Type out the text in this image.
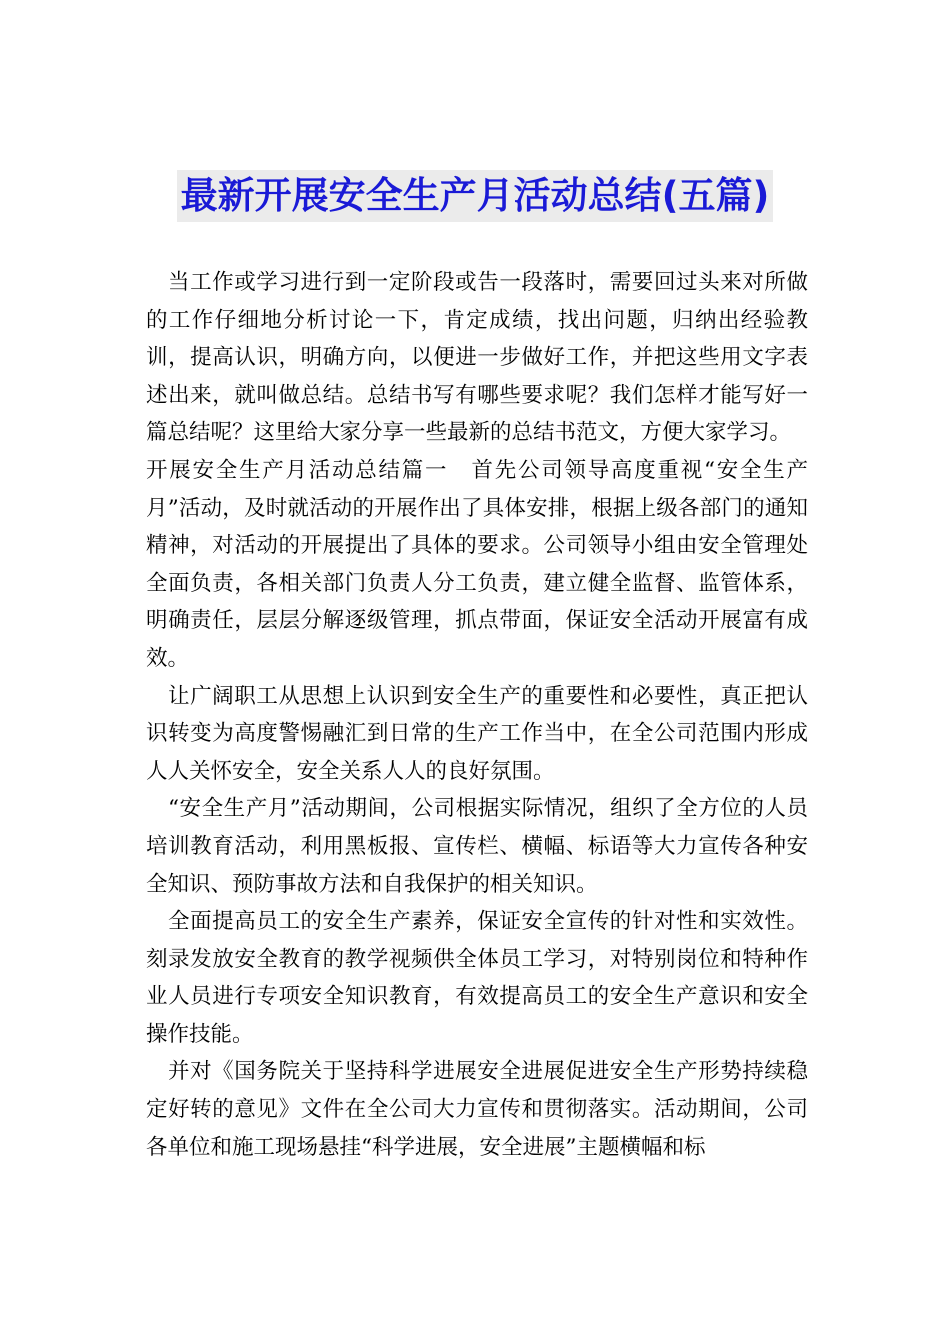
最新开展安全生产月活动总结(五篇)

当工作或学习进行到一定阶段或告一段落时，需要回过头来对所做的工作仔细地分析讨论一下，肯定成绩，找出问题，归纳出经验教训，提高认识，明确方向，以便进一步做好工作，并把这些用文字表述出来，就叫做总结。总结书写有哪些要求呢？我们怎样才能写好一篇总结呢？这里给大家分享一些最新的总结书范文，方便大家学习。

开展安全生产月活动总结篇一　首先公司领导高度重视“安全生产月”活动，及时就活动的开展作出了具体安排，根据上级各部门的通知精神，对活动的开展提出了具体的要求。公司领导小组由安全管理处全面负责，各相关部门负责人分工负责，建立健全监督、监管体系，明确责任，层层分解逐级管理，抓点带面，保证安全活动开展富有成效。

让广阔职工从思想上认识到安全生产的重要性和必要性，真正把认识转变为高度警惕融汇到日常的生产工作当中，在全公司范围内形成人人关怀安全，安全关系人人的良好氛围。

“安全生产月”活动期间，公司根据实际情况，组织了全方位的人员培训教育活动，利用黑板报、宣传栏、横幅、标语等大力宣传各种安全知识、预防事故方法和自我保护的相关知识。

全面提高员工的安全生产素养，保证安全宣传的针对性和实效性。刻录发放安全教育的教学视频供全体员工学习，对特别岗位和特种作业人员进行专项安全知识教育，有效提高员工的安全生产意识和安全操作技能。

并对《国务院关于坚持科学进展安全进展促进安全生产形势持续稳定好转的意见》文件在全公司大力宣传和贯彻落实。活动期间，公司各单位和施工现场悬挂“科学进展，安全进展”主题横幅和标
